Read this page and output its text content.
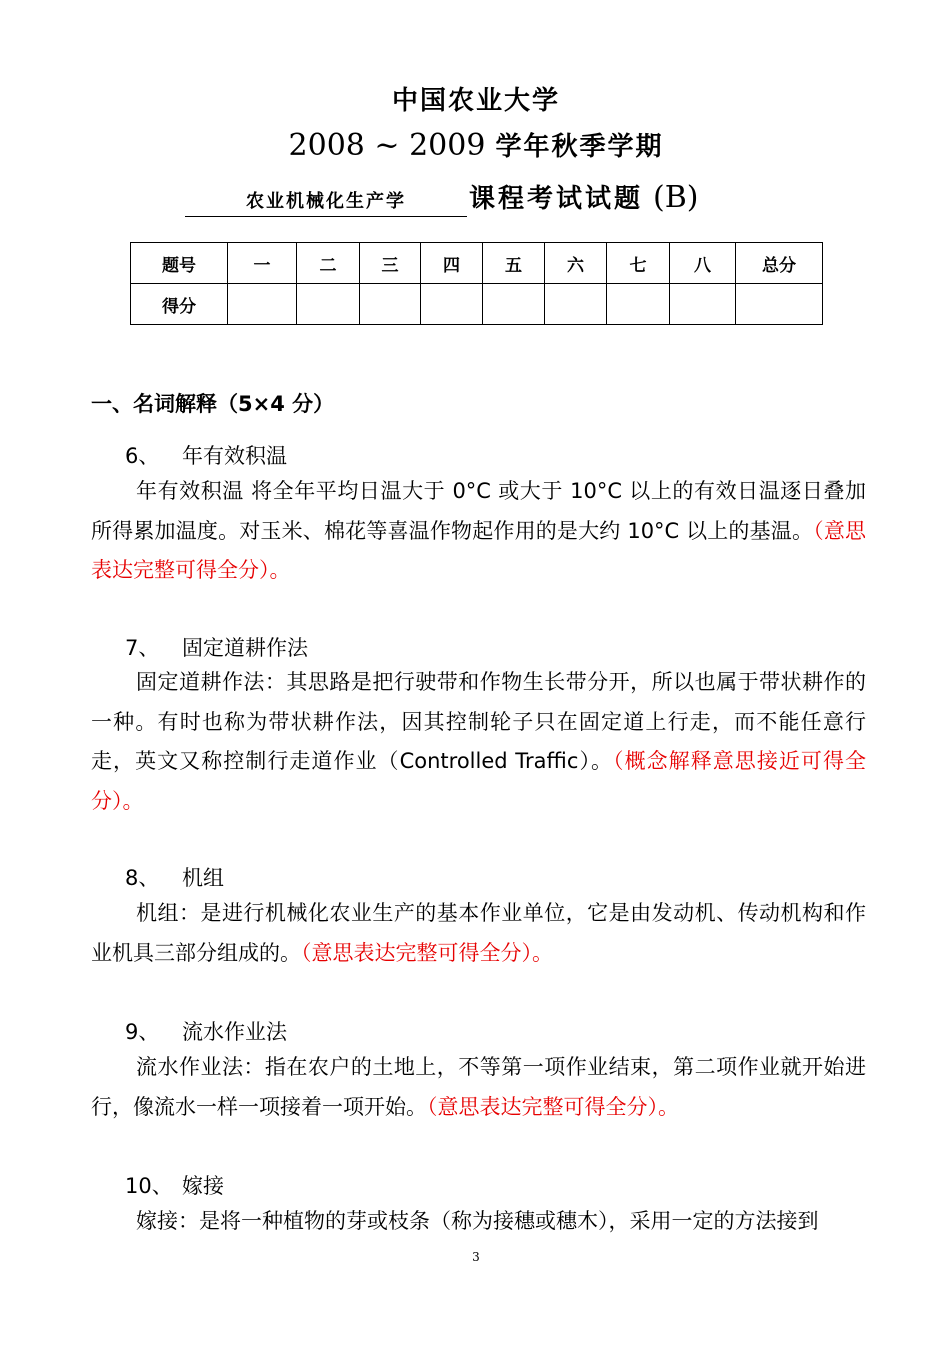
中国农业大学
2008 ~ 2009 学年秋季学期
农业机械化生产学 课程考试试题 (B)
题号	一	二	三	四	五	六	七	八	总分
得分									
一、名词解释（5×4 分）
6、 年有效积温
年有效积温 将全年平均日温大于 0°C 或大于 10°C 以上的有效日温逐日叠加所得累加温度。对玉米、棉花等喜温作物起作用的是大约 10°C 以上的基温。（意思表达完整可得全分）。
7、 固定道耕作法
固定道耕作法：其思路是把行驶带和作物生长带分开，所以也属于带状耕作的一种。有时也称为带状耕作法，因其控制轮子只在固定道上行走，而不能任意行走，英文又称控制行走道作业（Controlled Traffic）。（概念解释意思接近可得全分）。
8、 机组
机组：是进行机械化农业生产的基本作业单位，它是由发动机、传动机构和作业机具三部分组成的。（意思表达完整可得全分）。
9、 流水作业法
流水作业法：指在农户的土地上，不等第一项作业结束，第二项作业就开始进行，像流水一样一项接着一项开始。（意思表达完整可得全分）。
10、 嫁接
嫁接：是将一种植物的芽或枝条（称为接穗或穗木），采用一定的方法接到
3
